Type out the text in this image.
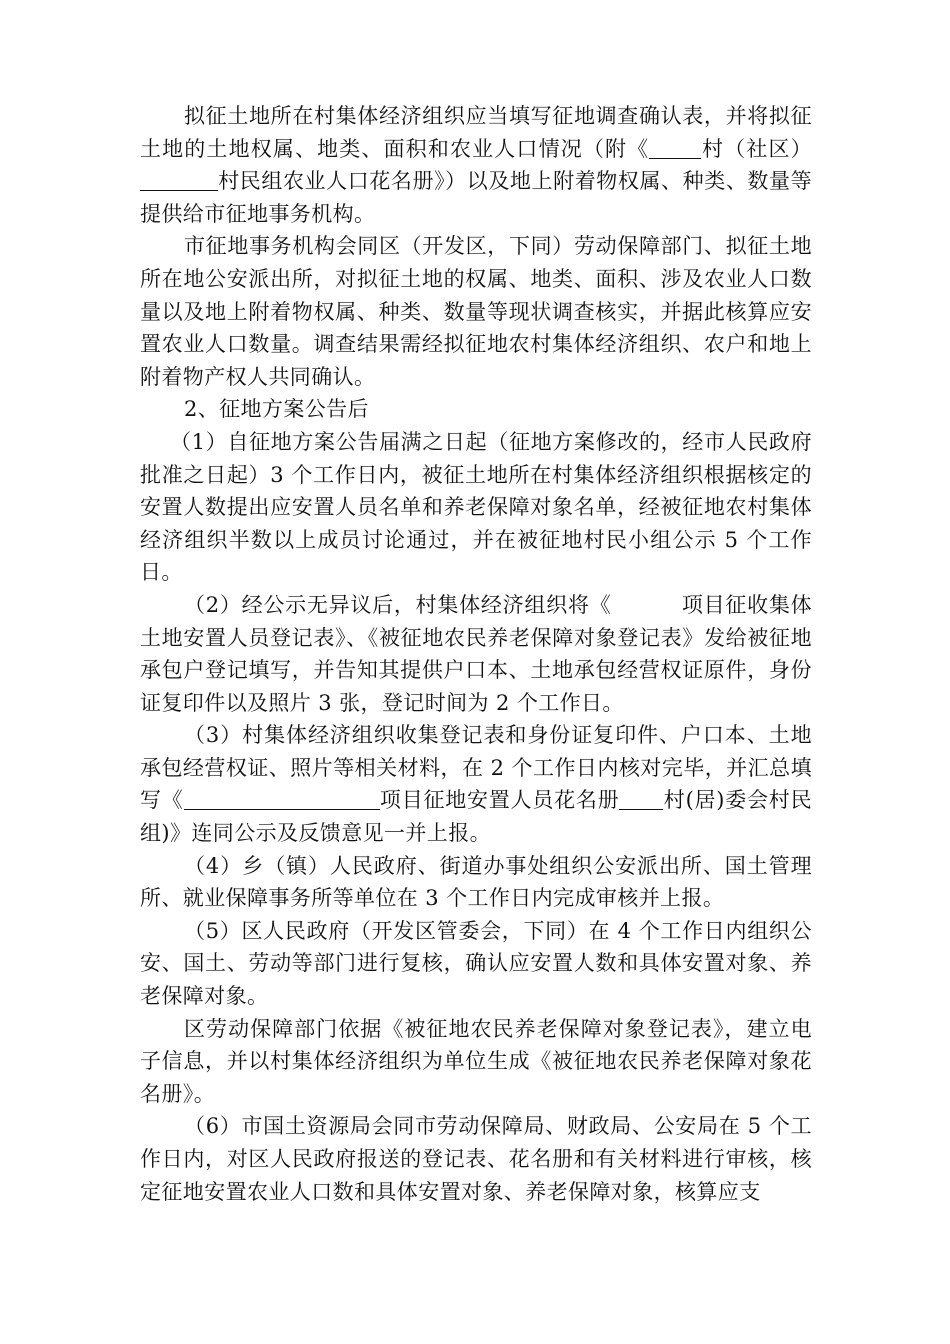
拟征土地所在村集体经济组织应当填写征地调查确认表，并将拟征土地的土地权属、地类、面积和农业人口情况（附《 村（社区）村民组农业人口花名册》）以及地上附着物权属、种类、数量等提供给市征地事务机构。

市征地事务机构会同区（开发区，下同）劳动保障部门、拟征土地所在地公安派出所，对拟征土地的权属、地类、面积、涉及农业人口数量以及地上附着物权属、种类、数量等现状调查核实，并据此核算应安置农业人口数量。调查结果需经拟征地农村集体经济组织、农户和地上附着物产权人共同确认。

2、征地方案公告后

（1）自征地方案公告届满之日起（征地方案修改的，经市人民政府批准之日起）3 个工作日内，被征土地所在村集体经济组织根据核定的安置人数提出应安置人员名单和养老保障对象名单，经被征地农村集体经济组织半数以上成员讨论通过，并在被征地村民小组公示 5 个工作日。

（2）经公示无异议后，村集体经济组织将《	项目征收集体土地安置人员登记表》、《被征地农民养老保障对象登记表》发给被征地承包户登记填写，并告知其提供户口本、土地承包经营权证原件，身份证复印件以及照片 3 张，登记时间为 2 个工作日。

（3）村集体经济组织收集登记表和身份证复印件、户口本、土地承包经营权证、照片等相关材料，在 2 个工作日内核对完毕，并汇总填写《	项目征地安置人员花名册 村(居)委会村民组)》连同公示及反馈意见一并上报。

（4）乡（镇）人民政府、街道办事处组织公安派出所、国土管理所、就业保障事务所等单位在 3 个工作日内完成审核并上报。

（5）区人民政府（开发区管委会，下同）在 4 个工作日内组织公安、国土、劳动等部门进行复核，确认应安置人数和具体安置对象、养老保障对象。

区劳动保障部门依据《被征地农民养老保障对象登记表》，建立电子信息，并以村集体经济组织为单位生成《被征地农民养老保障对象花名册》。

（6）市国土资源局会同市劳动保障局、财政局、公安局在 5 个工作日内，对区人民政府报送的登记表、花名册和有关材料进行审核，核定征地安置农业人口数和具体安置对象、养老保障对象，核算应支
